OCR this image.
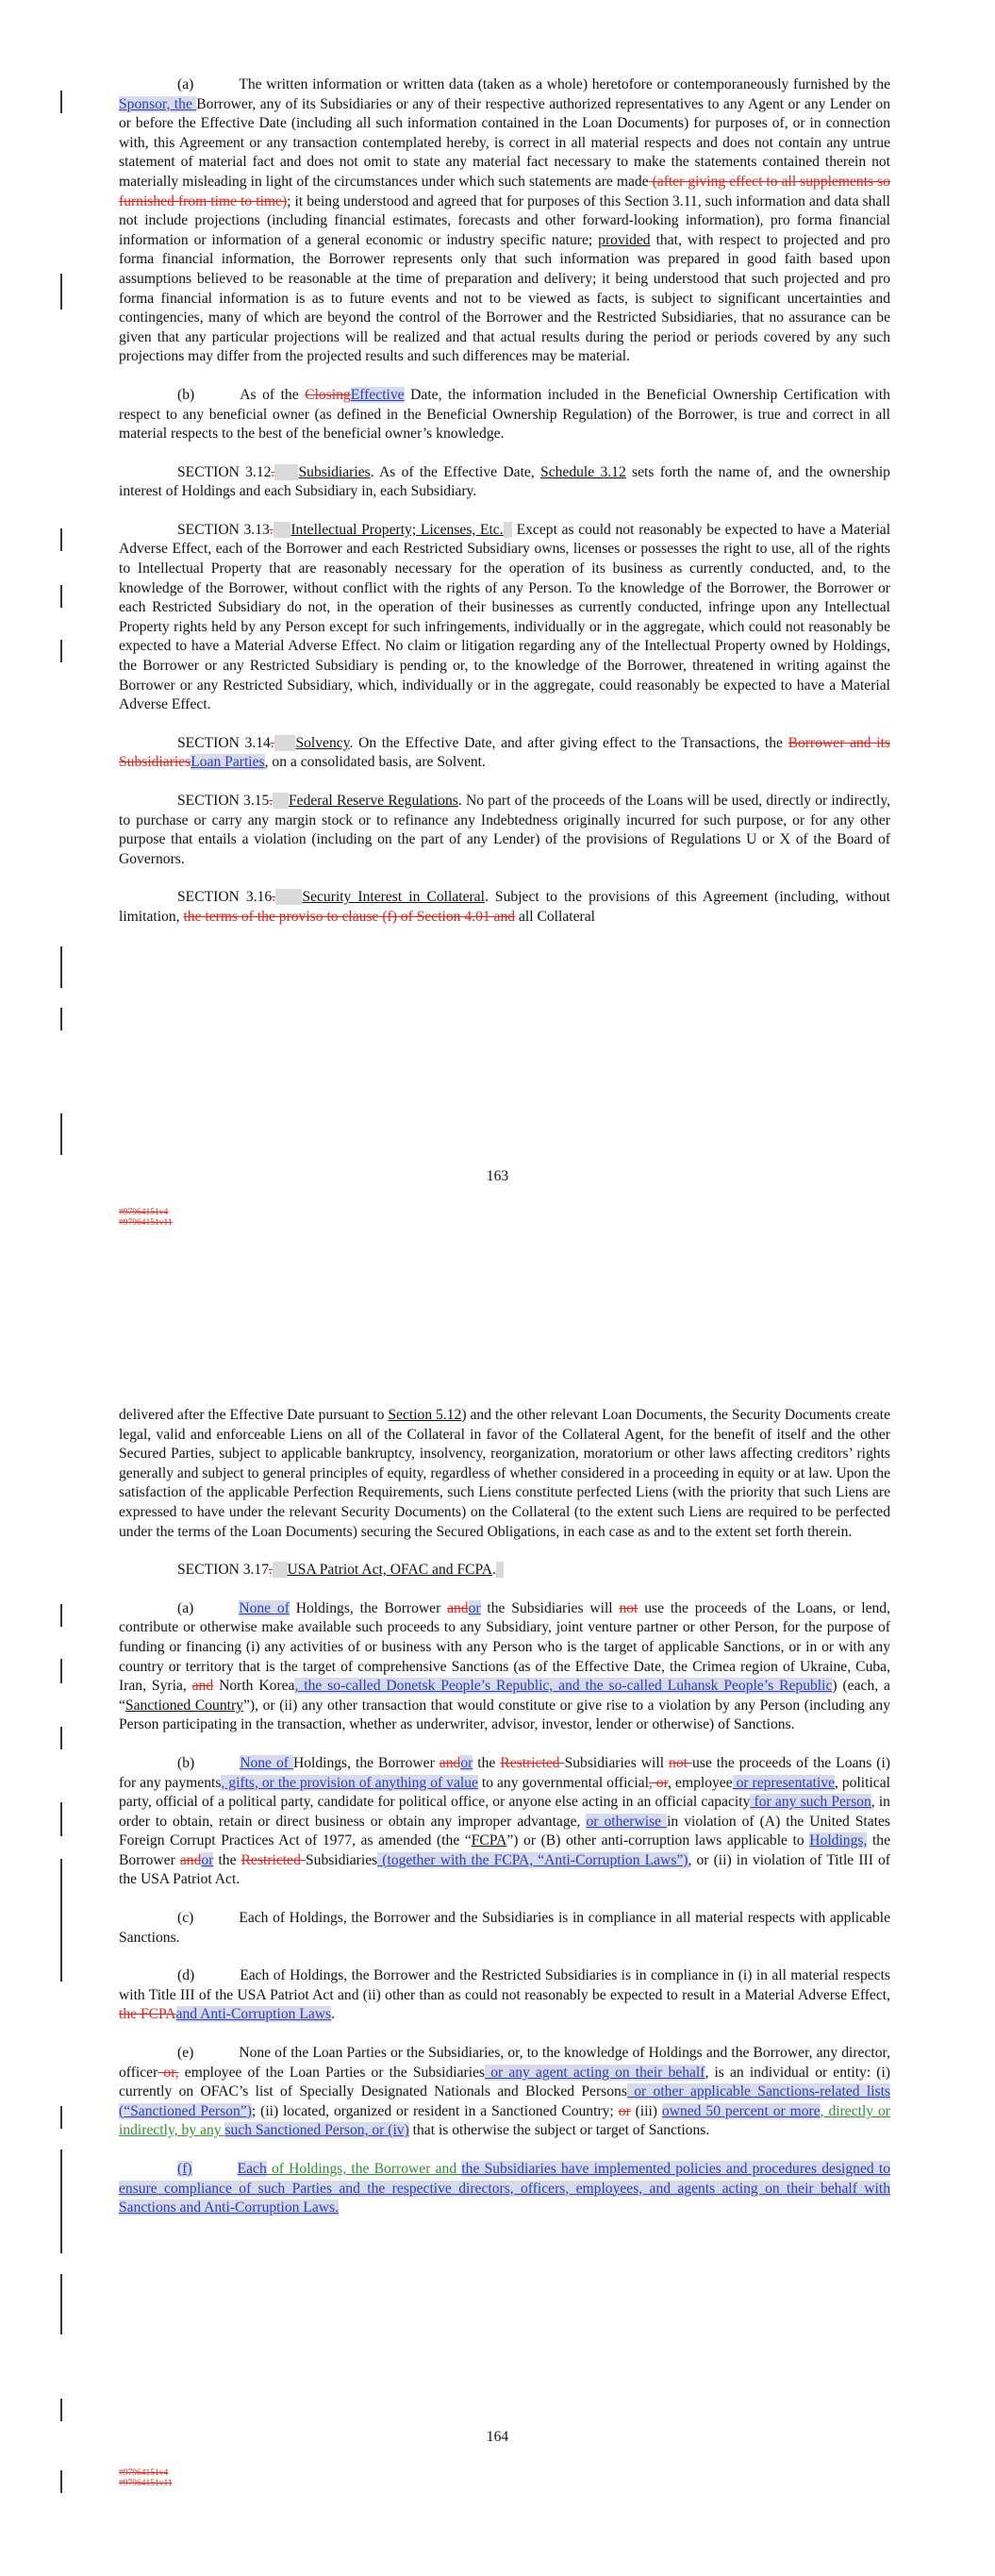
(a)	The written information or written data (taken as a whole) heretofore or contemporaneously furnished by the Sponsor, the Borrower, any of its Subsidiaries or any of their respective authorized representatives to any Agent or any Lender on or before the Effective Date (including all such information contained in the Loan Documents) for purposes of, or in connection with, this Agreement or any transaction contemplated hereby, is correct in all material respects and does not contain any untrue statement of material fact and does not omit to state any material fact necessary to make the statements contained therein not materially misleading in light of the circumstances under which such statements are made (after giving effect to all supplements so furnished from time to time); it being understood and agreed that for purposes of this Section 3.11, such information and data shall not include projections (including financial estimates, forecasts and other forward-looking information), pro forma financial information or information of a general economic or industry specific nature; provided that, with respect to projected and pro forma financial information, the Borrower represents only that such information was prepared in good faith based upon assumptions believed to be reasonable at the time of preparation and delivery; it being understood that such projected and pro forma financial information is as to future events and not to be viewed as facts, is subject to significant uncertainties and contingencies, many of which are beyond the control of the Borrower and the Restricted Subsidiaries, that no assurance can be given that any particular projections will be realized and that actual results during the period or periods covered by any such projections may differ from the projected results and such differences may be material.

(b)	As of the ClosingEffective Date, the information included in the Beneficial Ownership Certification with respect to any beneficial owner (as defined in the Beneficial Ownership Regulation) of the Borrower, is true and correct in all material respects to the best of the beneficial owner’s knowledge.

SECTION 3.12. Subsidiaries. As of the Effective Date, Schedule 3.12 sets forth the name of, and the ownership interest of Holdings and each Subsidiary in, each Subsidiary.

SECTION 3.13. Intellectual Property; Licenses, Etc.   Except as could not reasonably be expected to have a Material Adverse Effect, each of the Borrower and each Restricted Subsidiary owns, licenses or possesses the right to use, all of the rights to Intellectual Property that are reasonably necessary for the operation of its business as currently conducted, and, to the knowledge of the Borrower, without conflict with the rights of any Person. To the knowledge of the Borrower, the Borrower or each Restricted Subsidiary do not, in the operation of their businesses as currently conducted, infringe upon any Intellectual Property rights held by any Person except for such infringements, individually or in the aggregate, which could not reasonably be expected to have a Material Adverse Effect. No claim or litigation regarding any of the Intellectual Property owned by Holdings, the Borrower or any Restricted Subsidiary is pending or, to the knowledge of the Borrower, threatened in writing against the Borrower or any Restricted Subsidiary, which, individually or in the aggregate, could reasonably be expected to have a Material Adverse Effect.

SECTION 3.14. Solvency. On the Effective Date, and after giving effect to the Transactions, the Borrower and its SubsidiariesLoan Parties, on a consolidated basis, are Solvent.

SECTION 3.15. Federal Reserve Regulations. No part of the proceeds of the Loans will be used, directly or indirectly, to purchase or carry any margin stock or to refinance any Indebtedness originally incurred for such purpose, or for any other purpose that entails a violation (including on the part of any Lender) of the provisions of Regulations U or X of the Board of Governors.

SECTION 3.16. Security Interest in Collateral. Subject to the provisions of this Agreement (including, without limitation, the terms of the proviso to clause (f) of Section 4.01 and all Collateral

163
#97964151v4
#97964151v11

delivered after the Effective Date pursuant to Section 5.12) and the other relevant Loan Documents, the Security Documents create legal, valid and enforceable Liens on all of the Collateral in favor of the Collateral Agent, for the benefit of itself and the other Secured Parties, subject to applicable bankruptcy, insolvency, reorganization, moratorium or other laws affecting creditors’ rights generally and subject to general principles of equity, regardless of whether considered in a proceeding in equity or at law. Upon the satisfaction of the applicable Perfection Requirements, such Liens constitute perfected Liens (with the priority that such Liens are expressed to have under the relevant Security Documents) on the Collateral (to the extent such Liens are required to be perfected under the terms of the Loan Documents) securing the Secured Obligations, in each case as and to the extent set forth therein.

SECTION 3.17. USA Patriot Act, OFAC and FCPA.

(a)	None of Holdings, the Borrower andor the Subsidiaries will not use the proceeds of the Loans, or lend, contribute or otherwise make available such proceeds to any Subsidiary, joint venture partner or other Person, for the purpose of funding or financing (i) any activities of or business with any Person who is the target of applicable Sanctions, or in or with any country or territory that is the target of comprehensive Sanctions (as of the Effective Date, the Crimea region of Ukraine, Cuba, Iran, Syria, and North Korea, the so-called Donetsk People’s Republic, and the so-called Luhansk People’s Republic) (each, a “Sanctioned Country”), or (ii) any other transaction that would constitute or give rise to a violation by any Person (including any Person participating in the transaction, whether as underwriter, advisor, investor, lender or otherwise) of Sanctions.

(b)	None of Holdings, the Borrower andor the Restricted Subsidiaries will not use the proceeds of the Loans (i) for any payments, gifts, or the provision of anything of value to any governmental official, or, employee or representative, political party, official of a political party, candidate for political office, or anyone else acting in an official capacity for any such Person, in order to obtain, retain or direct business or obtain any improper advantage, or otherwise in violation of (A) the United States Foreign Corrupt Practices Act of 1977, as amended (the “FCPA”) or (B) other anti-corruption laws applicable to Holdings, the Borrower andor the Restricted Subsidiaries (together with the FCPA, “Anti-Corruption Laws”), or (ii) in violation of Title III of the USA Patriot Act.

(c)	Each of Holdings, the Borrower and the Subsidiaries is in compliance in all material respects with applicable Sanctions.

(d)	Each of Holdings, the Borrower and the Restricted Subsidiaries is in compliance in (i) in all material respects with Title III of the USA Patriot Act and (ii) other than as could not reasonably be expected to result in a Material Adverse Effect, the FCPAand Anti-Corruption Laws.

(e)	None of the Loan Parties or the Subsidiaries, or, to the knowledge of Holdings and the Borrower, any director, officer or, employee of the Loan Parties or the Subsidiaries or any agent acting on their behalf, is an individual or entity: (i) currently on OFAC’s list of Specially Designated Nationals and Blocked Persons or other applicable Sanctions-related lists (“Sanctioned Person”); (ii) located, organized or resident in a Sanctioned Country; or (iii) owned 50 percent or more, directly or indirectly, by any such Sanctioned Person, or (iv) that is otherwise the subject or target of Sanctions.

(f)	Each of Holdings, the Borrower and the Subsidiaries have implemented policies and procedures designed to ensure compliance of such Parties and the respective directors, officers, employees, and agents acting on their behalf with Sanctions and Anti-Corruption Laws.

164
#97964151v4
#97964151v11
